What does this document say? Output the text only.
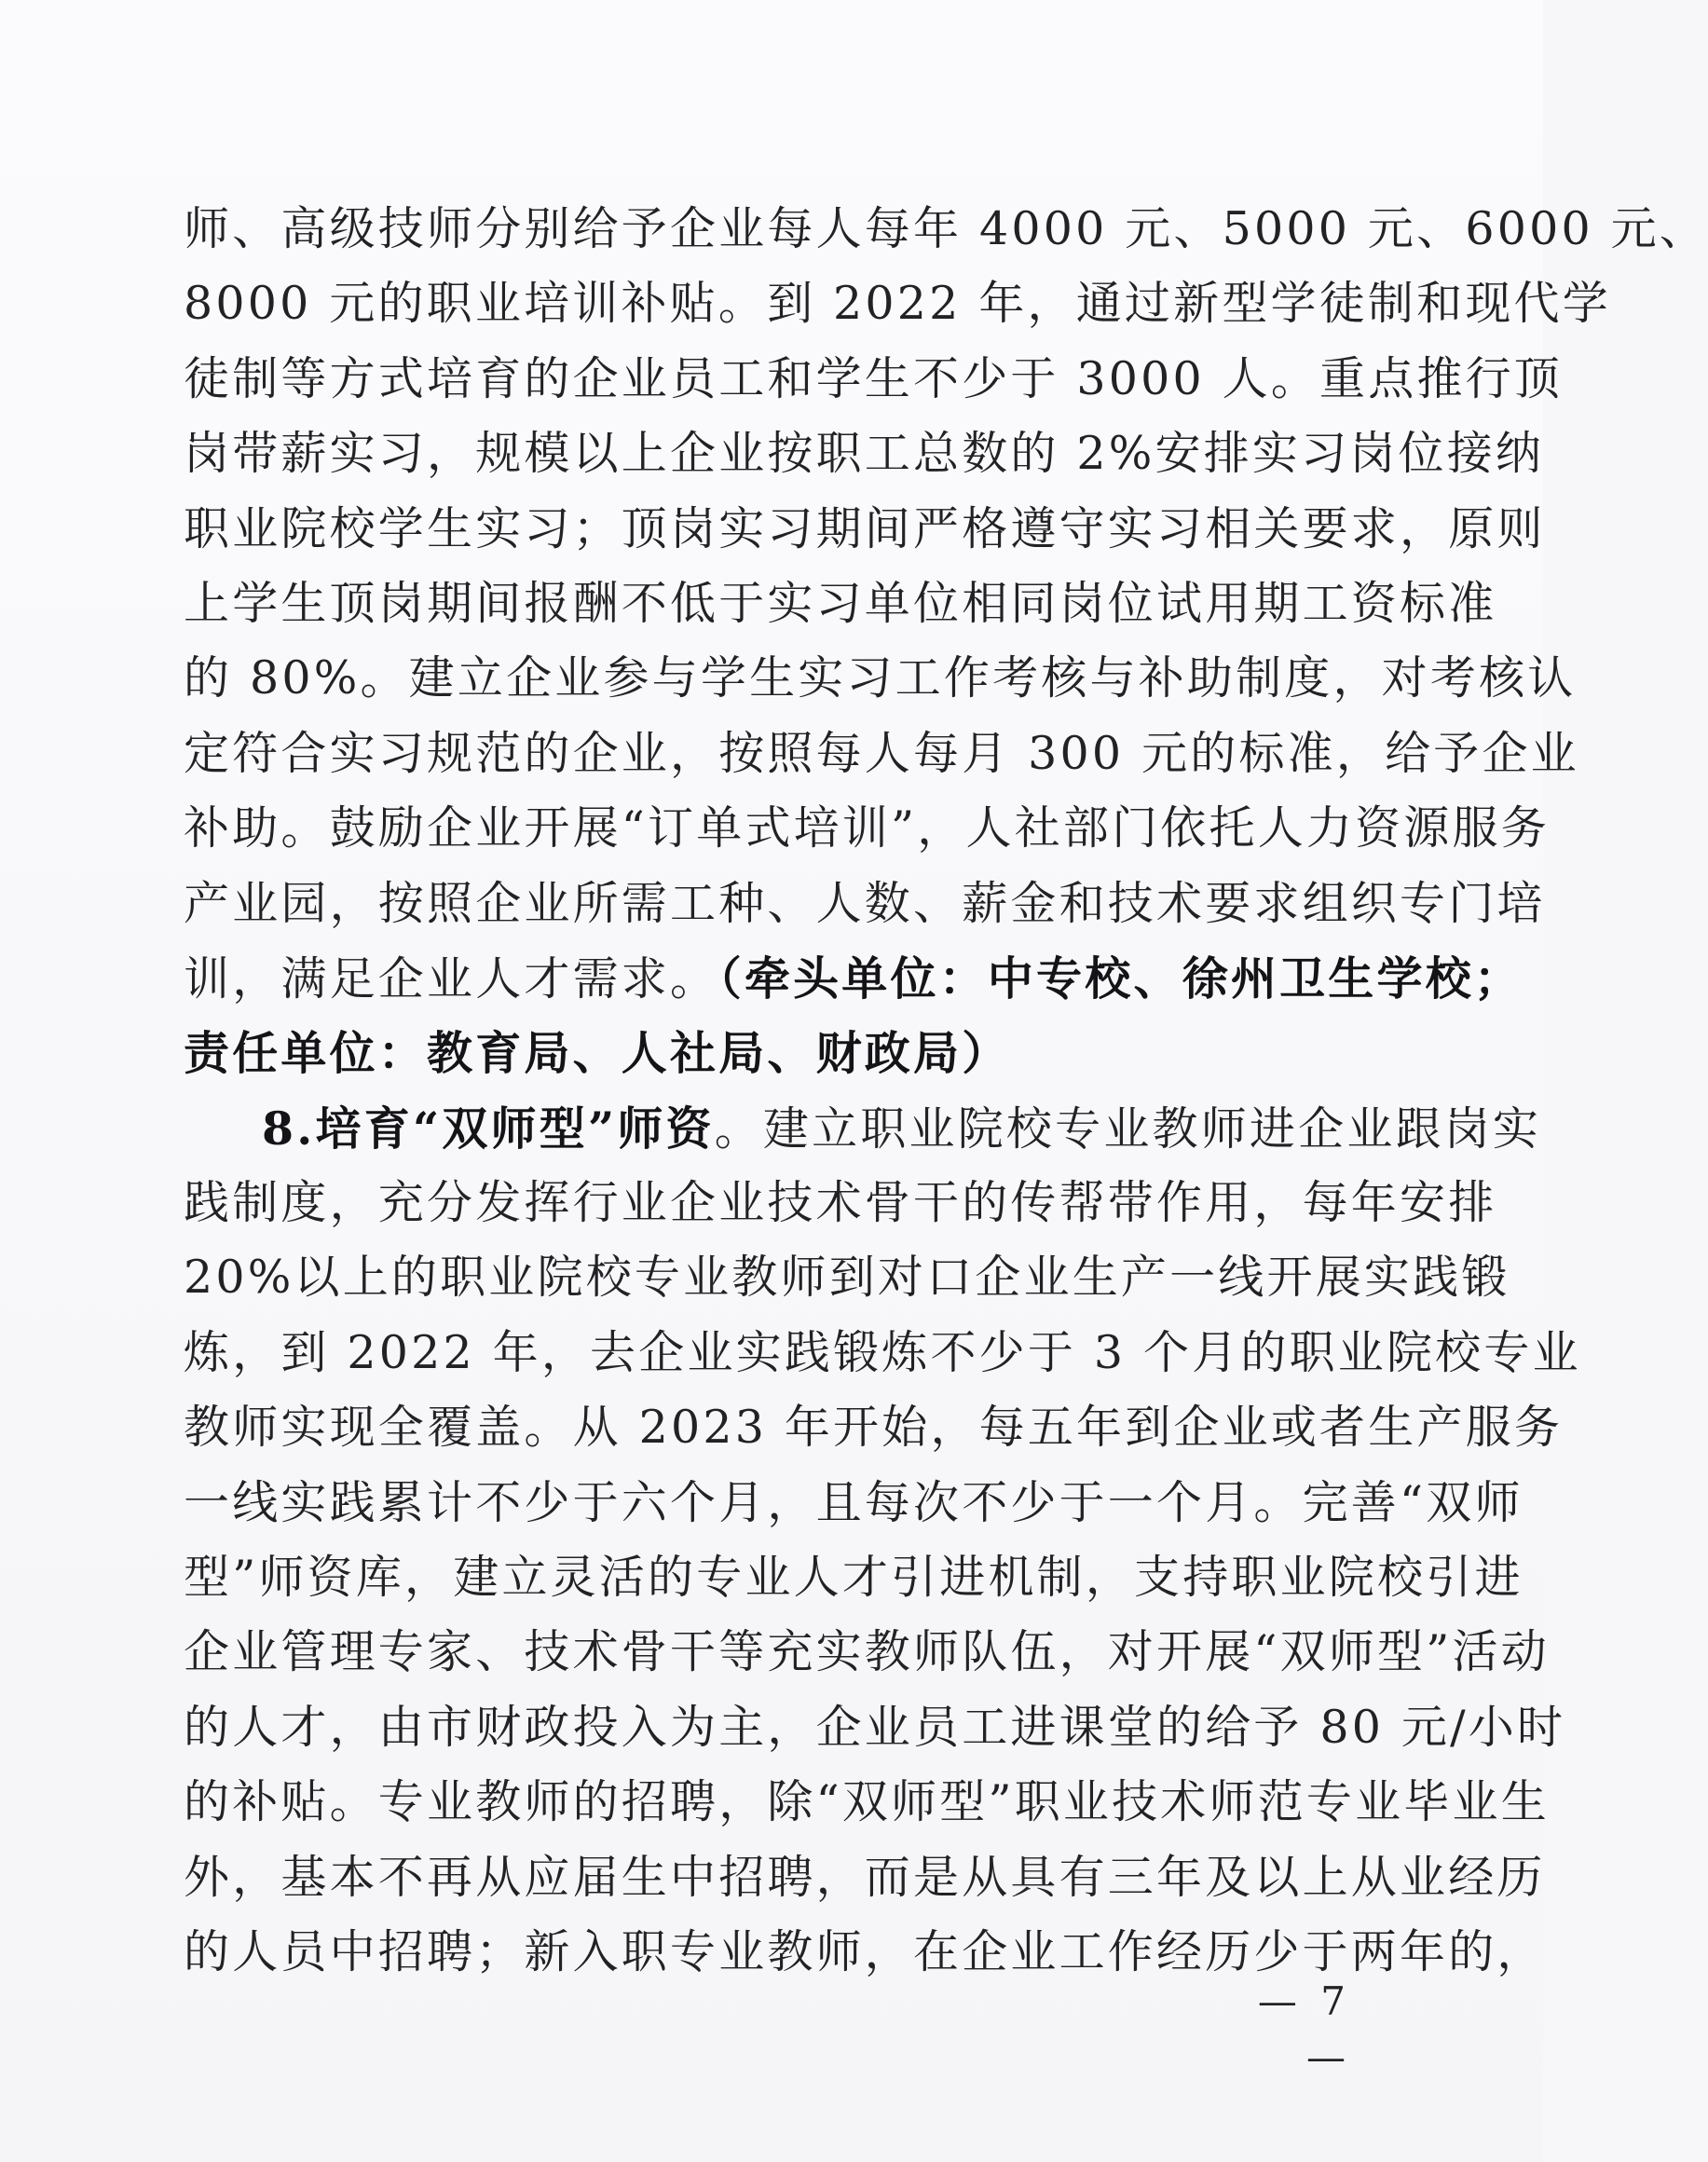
师、高级技师分别给予企业每人每年 4000 元、5000 元、6000 元、
8000 元的职业培训补贴。到 2022 年，通过新型学徒制和现代学
徒制等方式培育的企业员工和学生不少于 3000 人。重点推行顶
岗带薪实习，规模以上企业按职工总数的 2%安排实习岗位接纳
职业院校学生实习；顶岗实习期间严格遵守实习相关要求，原则
上学生顶岗期间报酬不低于实习单位相同岗位试用期工资标准
的 80%。建立企业参与学生实习工作考核与补助制度，对考核认
定符合实习规范的企业，按照每人每月 300 元的标准，给予企业
补助。鼓励企业开展“订单式培训”，人社部门依托人力资源服务
产业园，按照企业所需工种、人数、薪金和技术要求组织专门培
训，满足企业人才需求。（牵头单位：中专校、徐州卫生学校；
责任单位：教育局、人社局、财政局）
8.培育“双师型”师资。建立职业院校专业教师进企业跟岗实
践制度，充分发挥行业企业技术骨干的传帮带作用，每年安排
20%以上的职业院校专业教师到对口企业生产一线开展实践锻
炼，到 2022 年，去企业实践锻炼不少于 3 个月的职业院校专业
教师实现全覆盖。从 2023 年开始，每五年到企业或者生产服务
一线实践累计不少于六个月，且每次不少于一个月。完善“双师
型”师资库，建立灵活的专业人才引进机制，支持职业院校引进
企业管理专家、技术骨干等充实教师队伍，对开展“双师型”活动
的人才，由市财政投入为主，企业员工进课堂的给予 80 元/小时
的补贴。专业教师的招聘，除“双师型”职业技术师范专业毕业生
外，基本不再从应届生中招聘，而是从具有三年及以上从业经历
的人员中招聘；新入职专业教师，在企业工作经历少于两年的，
— 7 —
